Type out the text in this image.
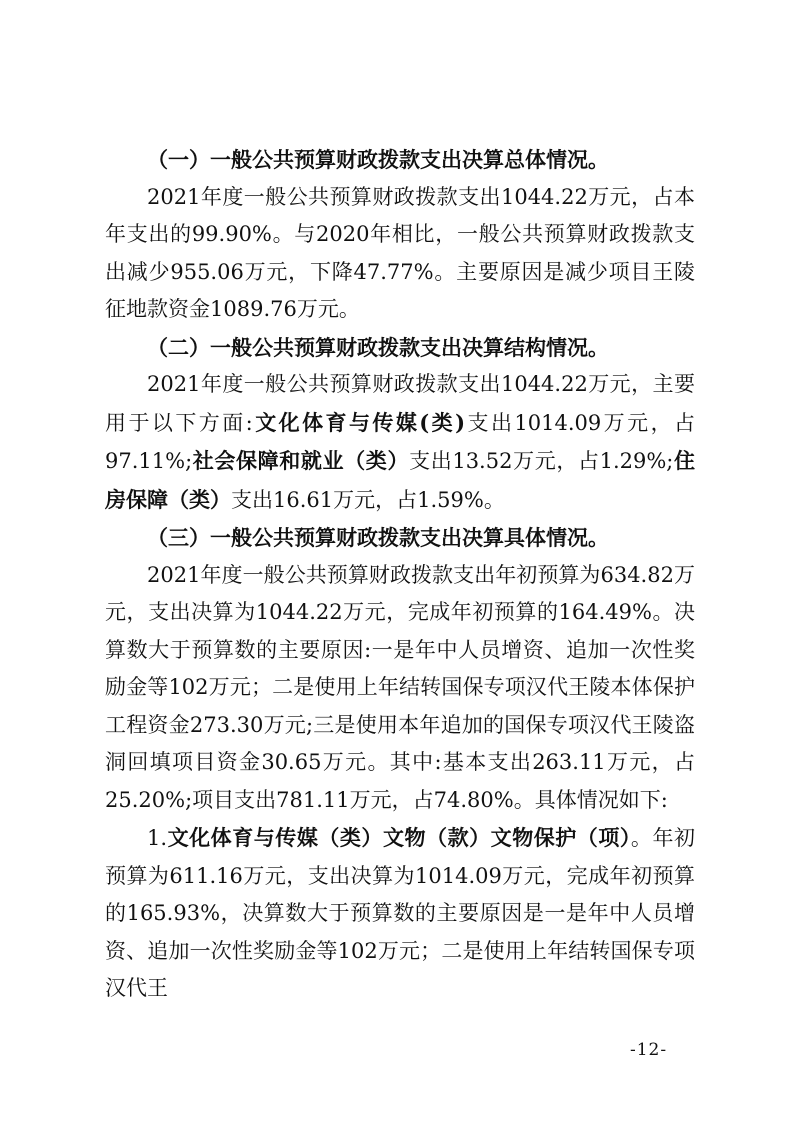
（一）一般公共预算财政拨款支出决算总体情况。

2021年度一般公共预算财政拨款支出1044.22万元，占本年支出的99.90%。与2020年相比，一般公共预算财政拨款支出减少955.06万元，下降47.77%。主要原因是减少项目王陵征地款资金1089.76万元。

（二）一般公共预算财政拨款支出决算结构情况。

2021年度一般公共预算财政拨款支出1044.22万元，主要用于以下方面:文化体育与传媒(类)支出1014.09万元，占97.11%;社会保障和就业（类）支出13.52万元，占1.29%;住房保障（类）支出16.61万元，占1.59%。

（三）一般公共预算财政拨款支出决算具体情况。

2021年度一般公共预算财政拨款支出年初预算为634.82万元，支出决算为1044.22万元，完成年初预算的164.49%。决算数大于预算数的主要原因:一是年中人员增资、追加一次性奖励金等102万元；二是使用上年结转国保专项汉代王陵本体保护工程资金273.30万元;三是使用本年追加的国保专项汉代王陵盗洞回填项目资金30.65万元。其中:基本支出263.11万元，占25.20%;项目支出781.11万元，占74.80%。具体情况如下:

1.文化体育与传媒（类）文物（款）文物保护（项）。年初预算为611.16万元，支出决算为1014.09万元，完成年初预算的165.93%，决算数大于预算数的主要原因是一是年中人员增资、追加一次性奖励金等102万元；二是使用上年结转国保专项汉代王

-12-
